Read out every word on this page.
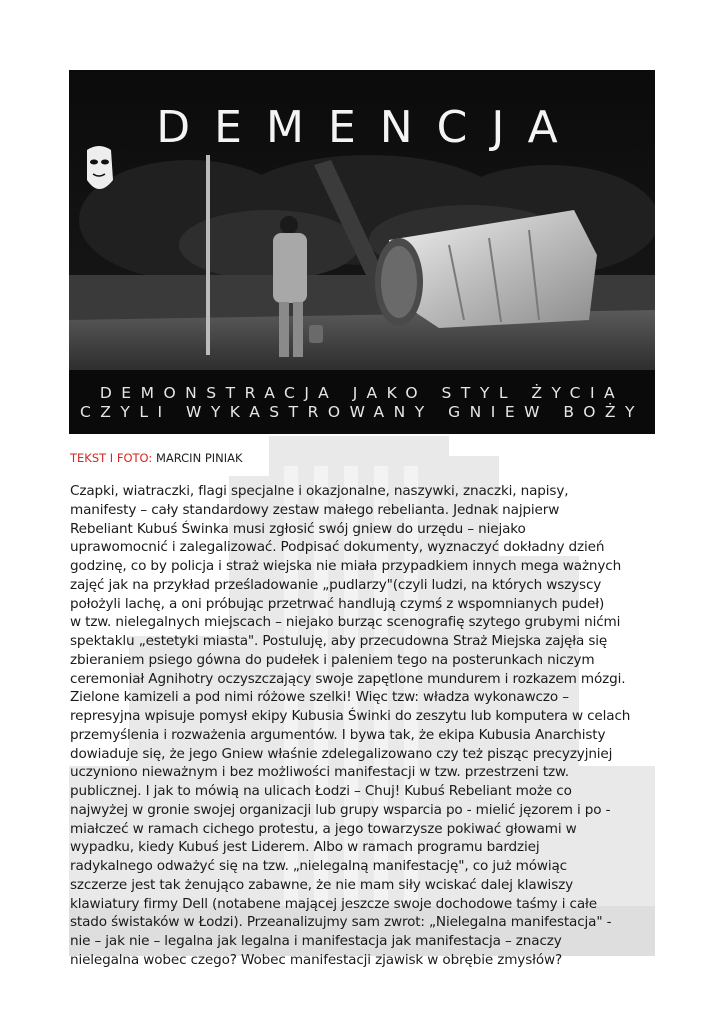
DEMENCJA
DEMONSTRACJA JAKO STYL ŻYCIA
CZYLI WYKASTROWANY GNIEW BOŻY
TEKST I FOTO: MARCIN PINIAK
Czapki, wiatraczki, flagi specjalne i okazjonalne, naszywki, znaczki, napisy,
manifesty – cały standardowy zestaw małego rebelianta. Jednak najpierw
Rebeliant Kubuś Świnka musi zgłosić swój gniew do urzędu – niejako
uprawomocnić i zalegalizować. Podpisać dokumenty, wyznaczyć dokładny dzień
godzinę, co by policja i straż wiejska nie miała przypadkiem innych mega ważnych
zajęć jak na przykład prześladowanie „pudlarzy"(czyli ludzi, na których wszyscy
położyli lachę, a oni próbując przetrwać handlują czymś z wspomnianych pudeł)
w tzw. nielegalnych miejscach – niejako burząc scenografię szytego grubymi nićmi
spektaklu „estetyki miasta". Postuluję, aby przecudowna Straż Miejska zajęła się
zbieraniem psiego gówna do pudełek i paleniem tego na posterunkach niczym
ceremoniał Agnihotry oczyszczający swoje zapętlone mundurem i rozkazem mózgi.
Zielone kamizeli a pod nimi różowe szelki! Więc tzw: władza wykonawczo –
represyjna wpisuje pomysł ekipy Kubusia Świnki do zeszytu lub komputera w celach
przemyślenia i rozważenia argumentów. I bywa tak, że ekipa Kubusia Anarchisty
dowiaduje się, że jego Gniew właśnie zdelegalizowano czy też pisząc precyzyjniej
uczyniono nieważnym i bez możliwości manifestacji w tzw. przestrzeni tzw.
publicznej. I jak to mówią na ulicach Łodzi – Chuj! Kubuś Rebeliant może co
najwyżej w gronie swojej organizacji lub grupy wsparcia po - mielić jęzorem i po -
miałczeć w ramach cichego protestu, a jego towarzysze pokiwać głowami w
wypadku, kiedy Kubuś jest Liderem. Albo w ramach programu bardziej
radykalnego odważyć się na tzw. „nielegalną manifestację", co już mówiąc
szczerze jest tak żenująco zabawne, że nie mam siły wciskać dalej klawiszy
klawiatury firmy Dell (notabene mającej jeszcze swoje dochodowe taśmy i całe
stado świstaków w Łodzi). Przeanalizujmy sam zwrot: „Nielegalna manifestacja" -
nie – jak nie – legalna jak legalna i manifestacja jak manifestacja – znaczy
nielegalna wobec czego? Wobec manifestacji zjawisk w obrębie zmysłów?
